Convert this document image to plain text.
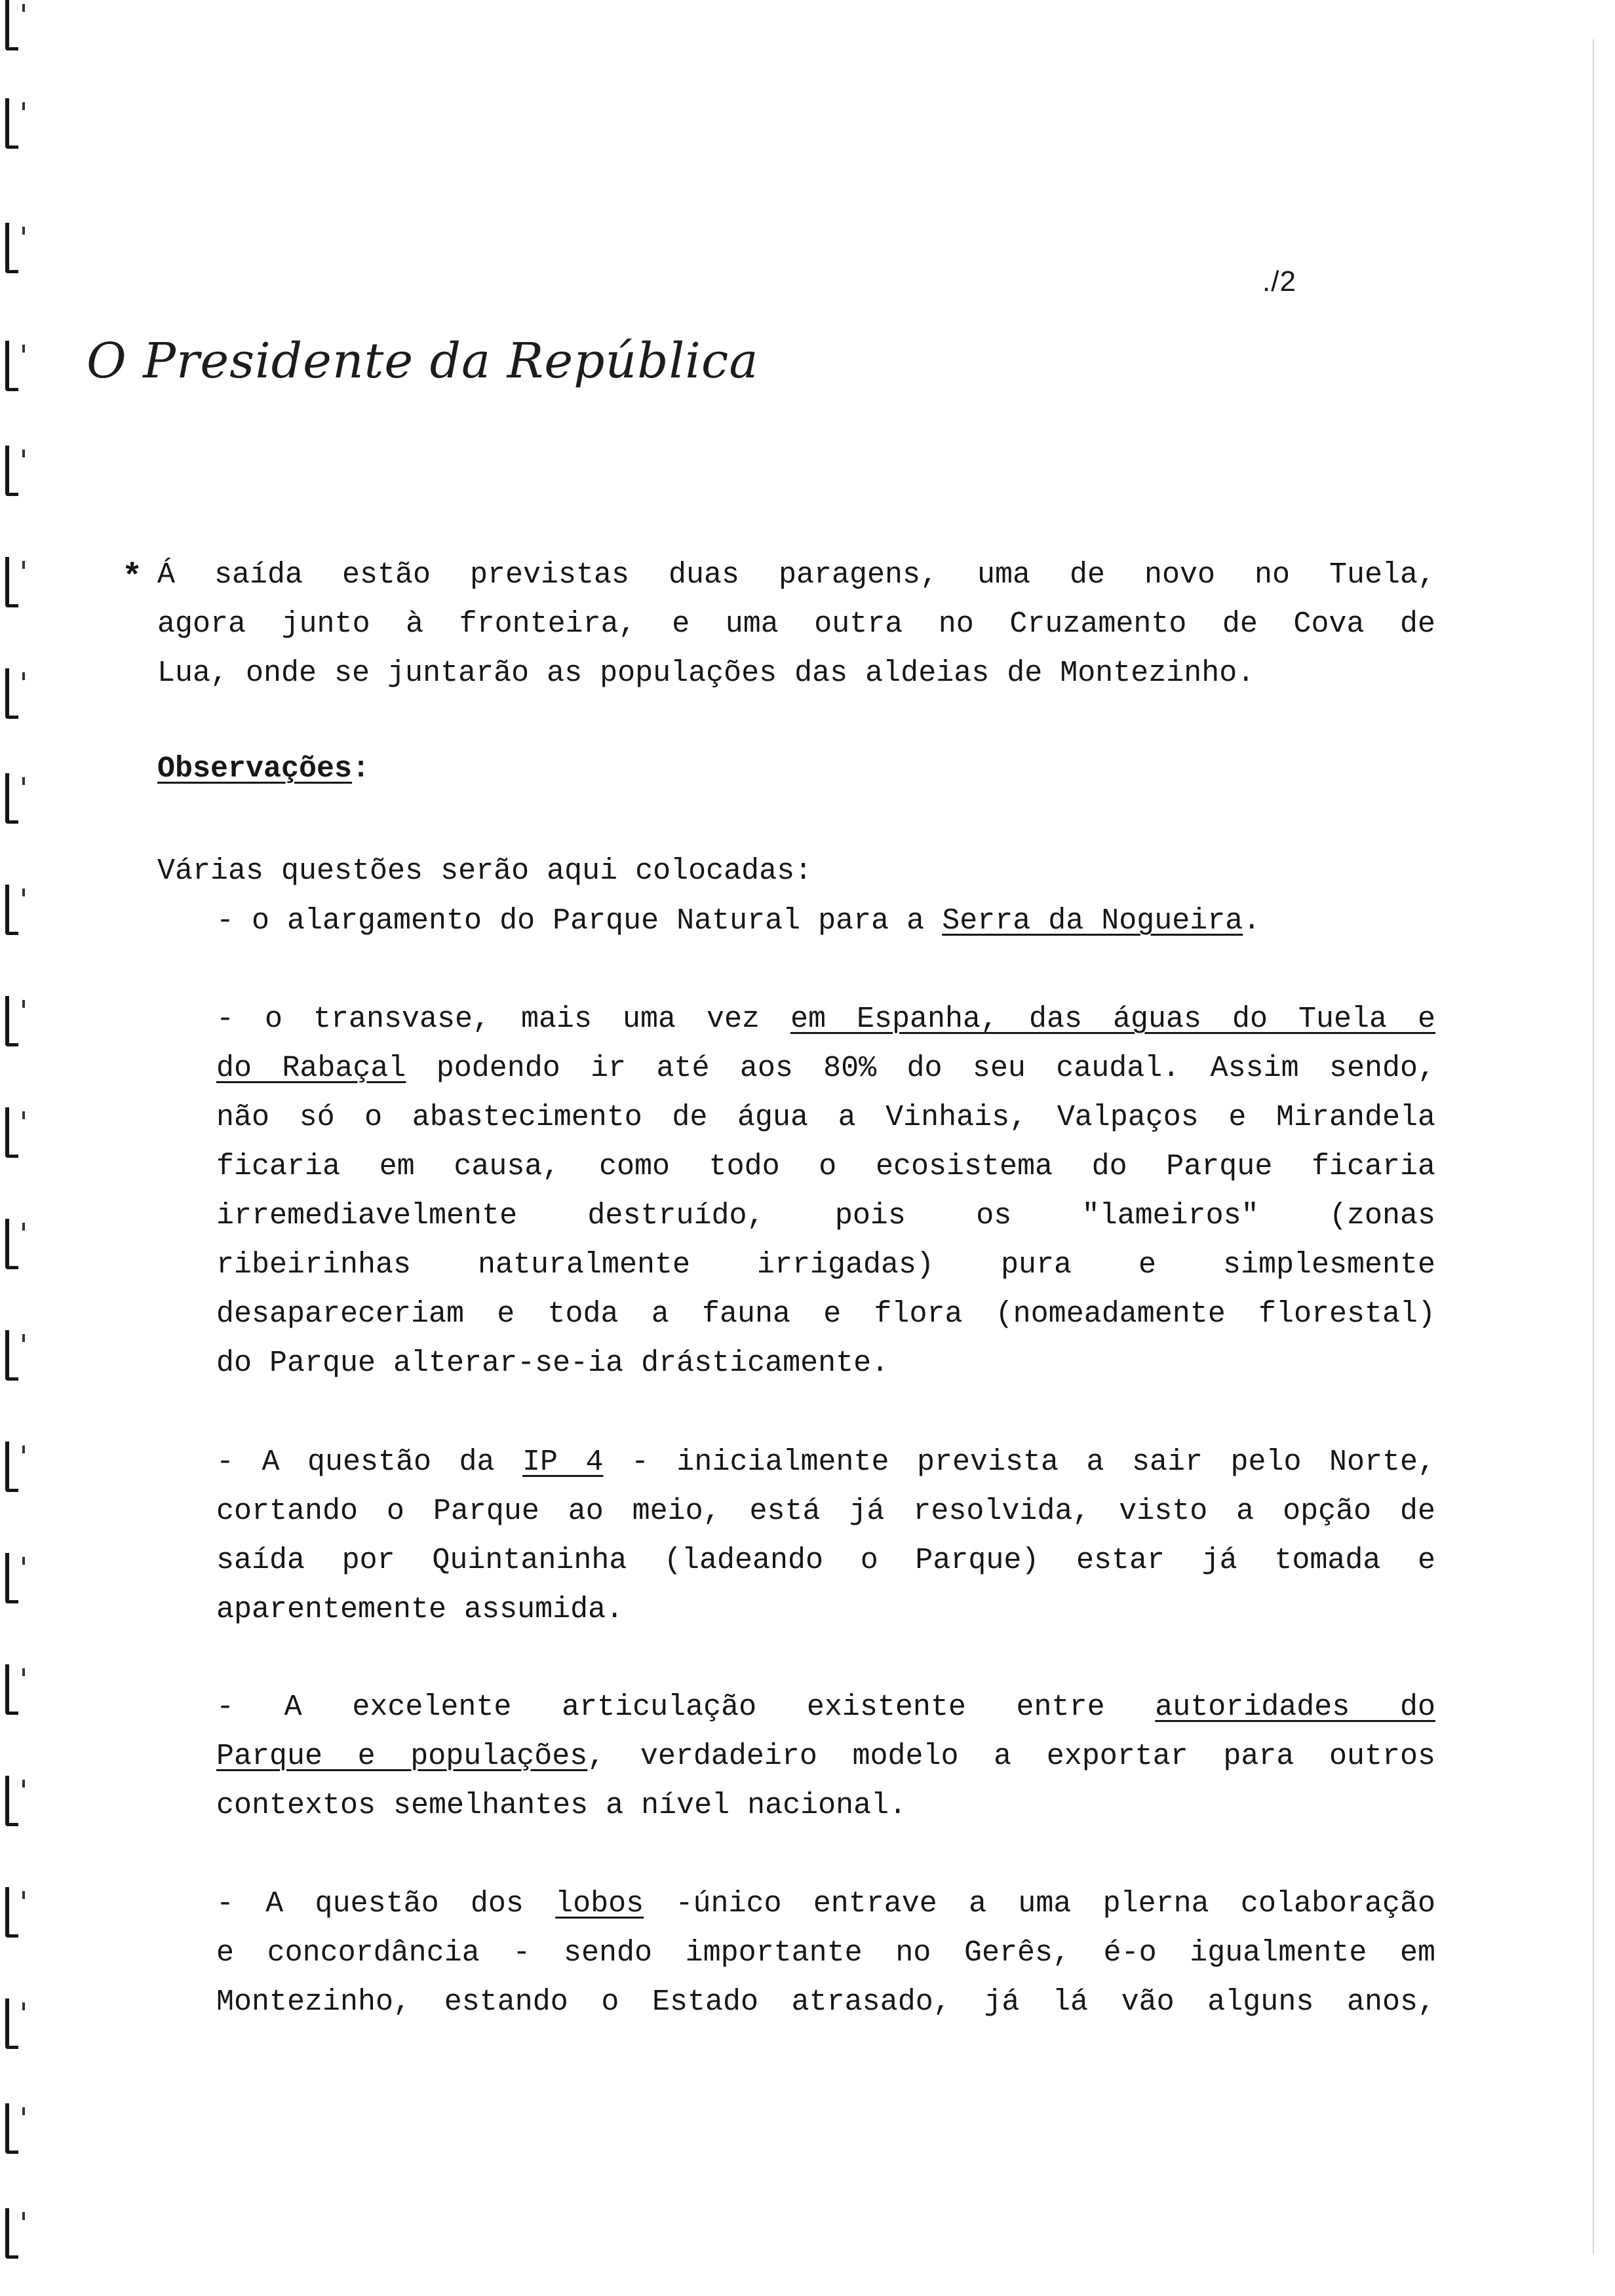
./2
O Presidente da República
* Á saída estão previstas duas paragens, uma de novo no Tuela,
agora junto à fronteira, e uma outra no Cruzamento de Cova de
Lua, onde se juntarão as populações das aldeias de Montezinho.
Observações:
Várias questões serão aqui colocadas:
- o alargamento do Parque Natural para a Serra da Nogueira.
- o transvase, mais uma vez em Espanha, das águas do Tuela e
do Rabaçal podendo ir até aos 80% do seu caudal. Assim sendo,
não só o abastecimento de água a Vinhais, Valpaços e Mirandela
ficaria em causa, como todo o ecosistema do Parque ficaria
irremediavelmente destruído, pois os "lameiros" (zonas
ribeirinhas naturalmente irrigadas) pura e simplesmente
desapareceriam e toda a fauna e flora (nomeadamente florestal)
do Parque alterar-se-ia drásticamente.
- A questão da IP 4 - inicialmente prevista a sair pelo Norte,
cortando o Parque ao meio, está já resolvida, visto a opção de
saída por Quintaninha (ladeando o Parque) estar já tomada e
aparentemente assumida.
- A excelente articulação existente entre autoridades do
Parque e populações, verdadeiro modelo a exportar para outros
contextos semelhantes a nível nacional.
- A questão dos lobos -único entrave a uma plerna colaboração
e concordância - sendo importante no Gerês, é-o igualmente em
Montezinho, estando o Estado atrasado, já lá vão alguns anos,
